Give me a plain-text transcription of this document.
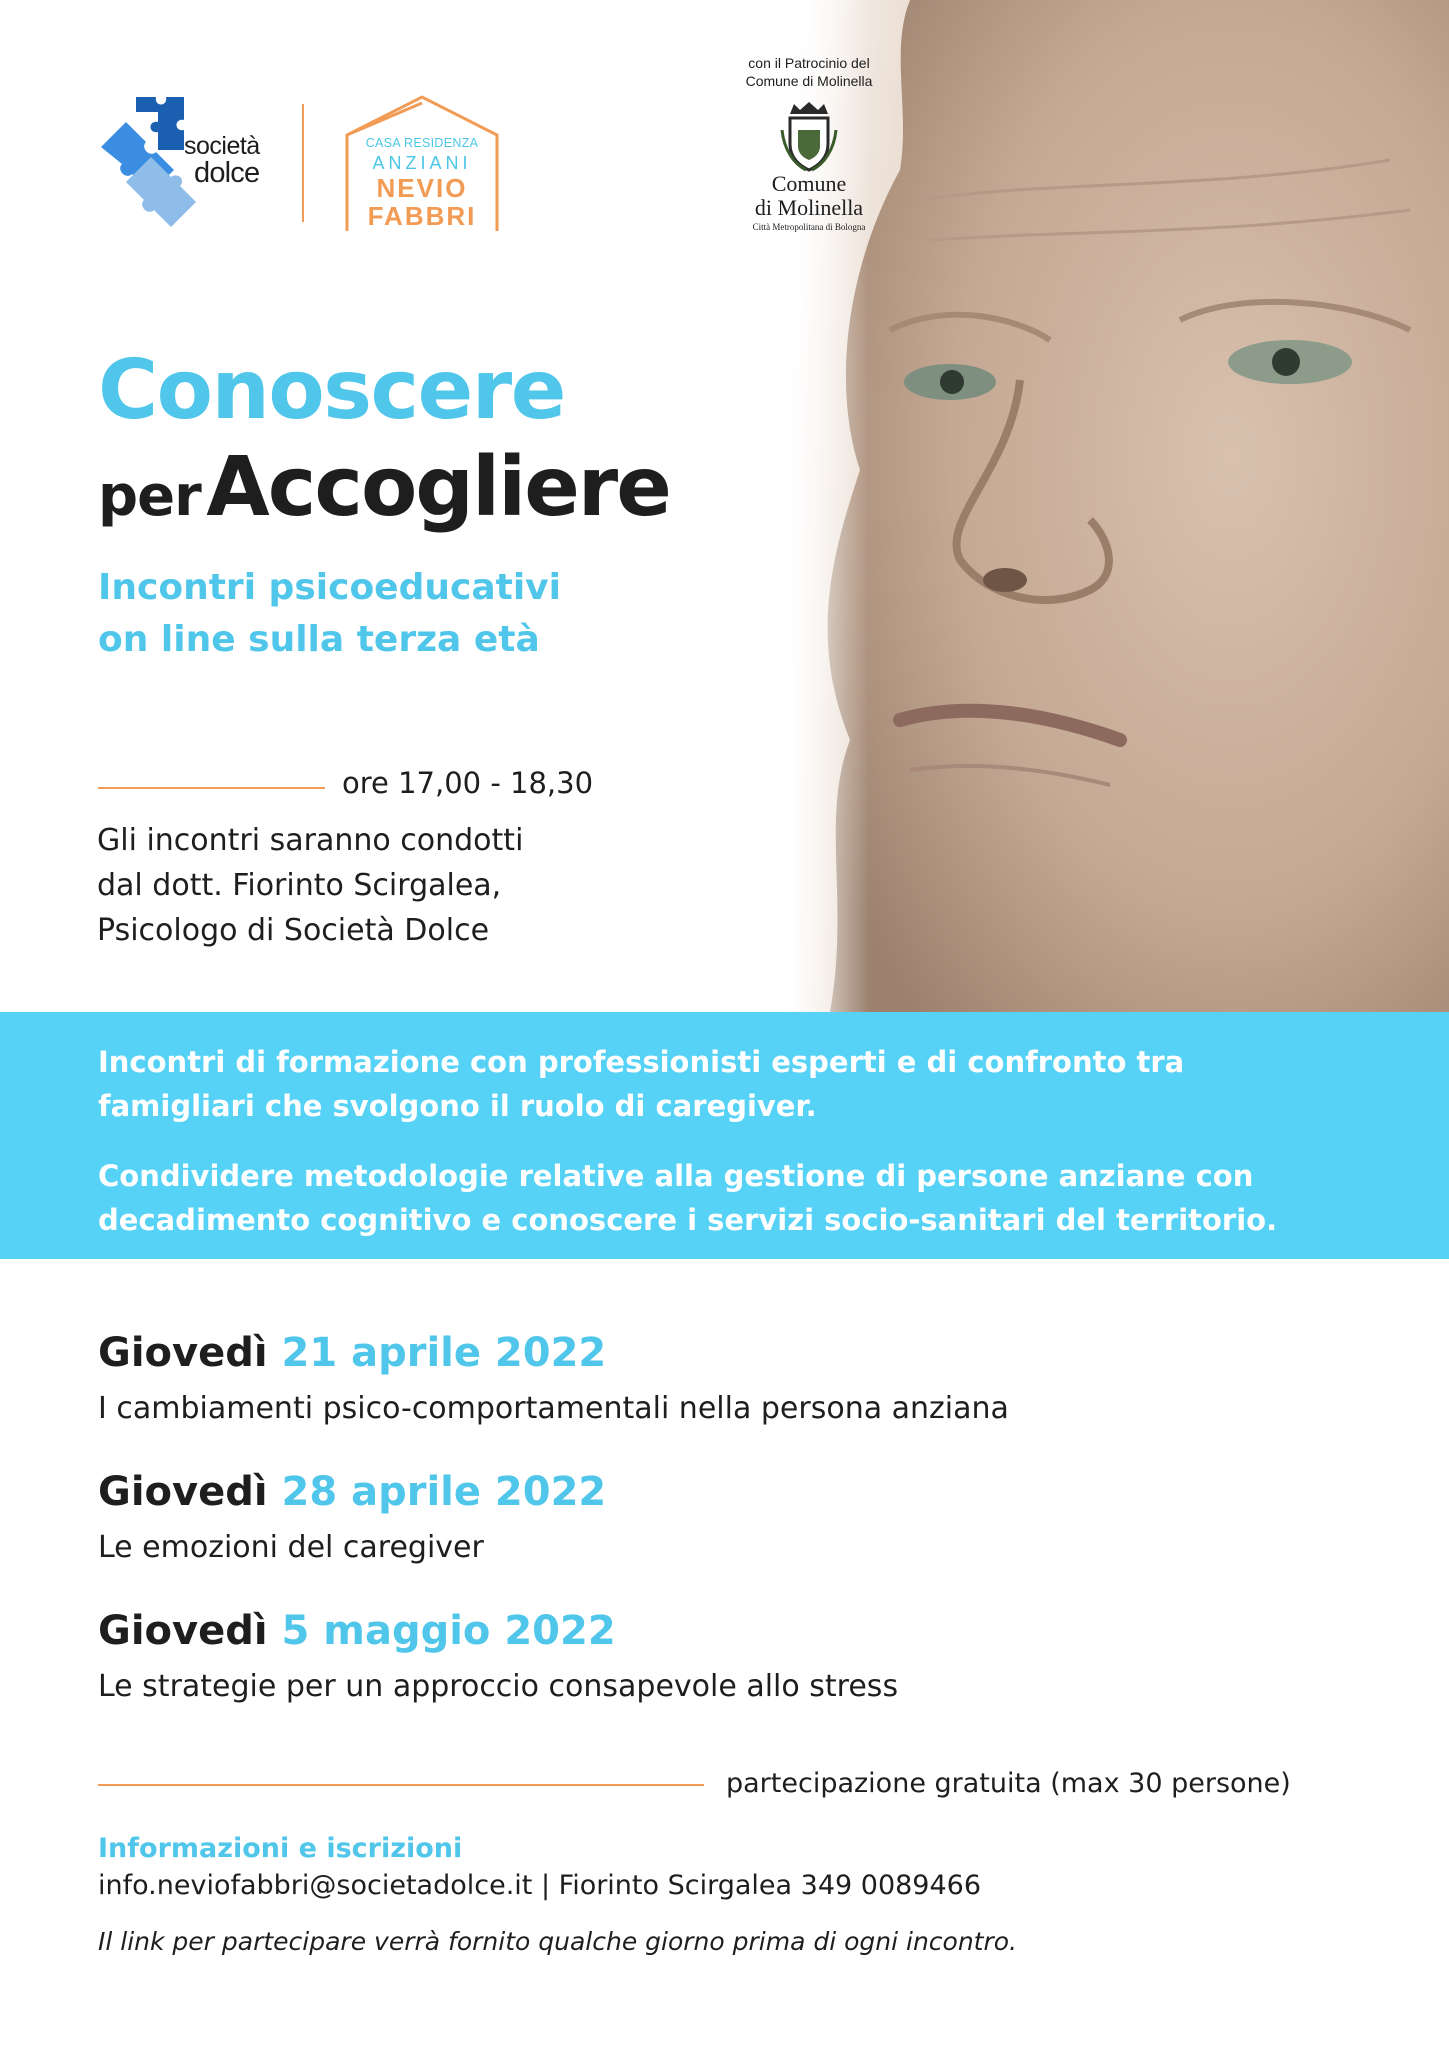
società
dolce
CASA RESIDENZA
ANZIANI
NEVIO
FABBRI
con il Patrocinio del
Comune di Molinella
Comune
di Molinella
Città Metropolitana di Bologna
Conoscere
per Accogliere
Incontri psicoeducativi
on line sulla terza età
ore 17,00 - 18,30
Gli incontri saranno condotti
dal dott. Fiorinto Scirgalea,
Psicologo di Società Dolce

Incontri di formazione con professionisti esperti e di confronto tra
famigliari che svolgono il ruolo di caregiver.

Condividere metodologie relative alla gestione di persone anziane con
decadimento cognitivo e conoscere i servizi socio-sanitari del territorio.

Giovedì 21 aprile 2022
I cambiamenti psico-comportamentali nella persona anziana
Giovedì 28 aprile 2022
Le emozioni del caregiver
Giovedì 5 maggio 2022
Le strategie per un approccio consapevole allo stress
partecipazione gratuita (max 30 persone)
Informazioni e iscrizioni
info.neviofabbri@societadolce.it | Fiorinto Scirgalea 349 0089466
Il link per partecipare verrà fornito qualche giorno prima di ogni incontro.
